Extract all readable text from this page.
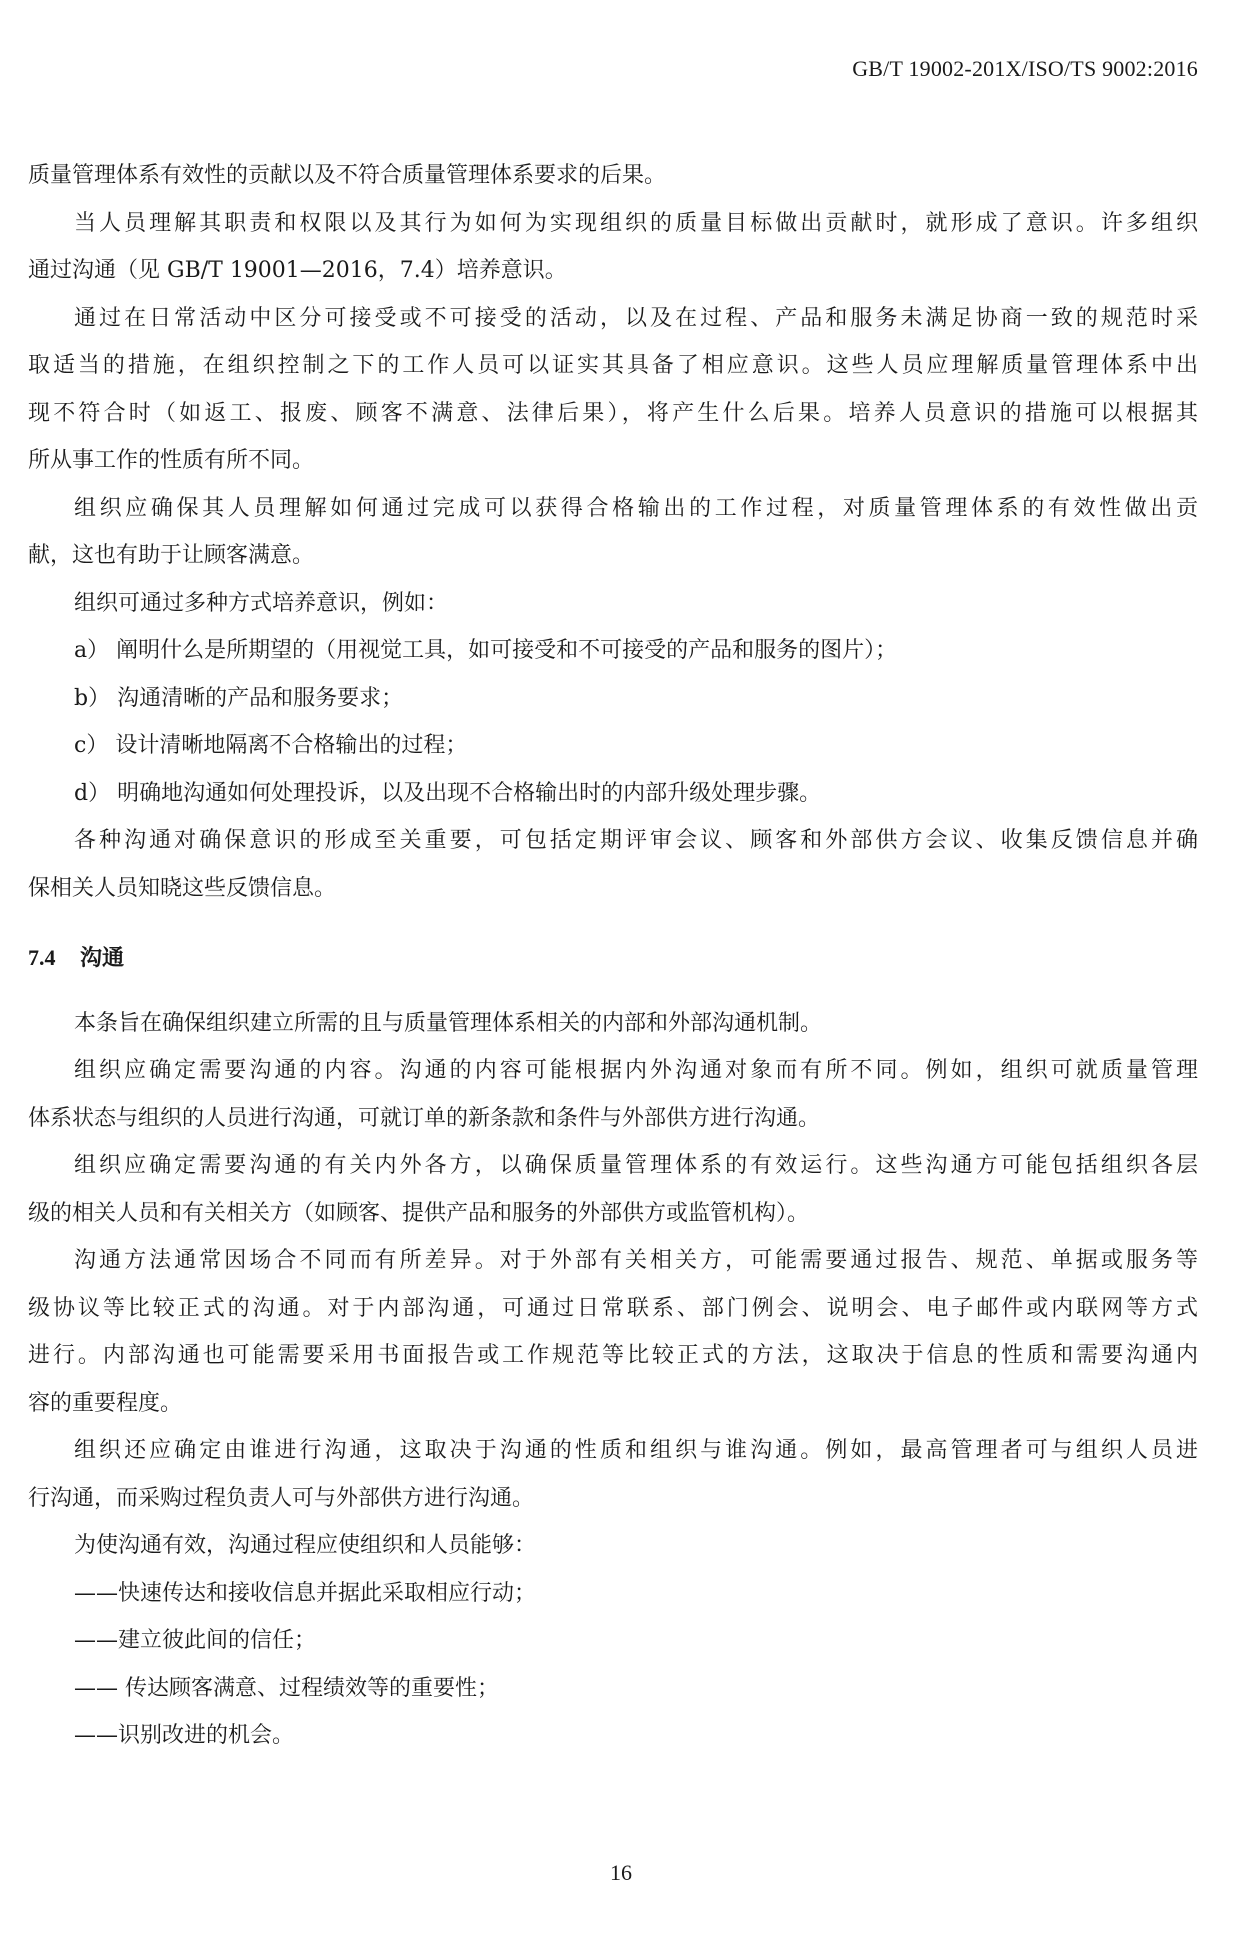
GB/T 19002-201X/ISO/TS 9002:2016
质量管理体系有效性的贡献以及不符合质量管理体系要求的后果。
当人员理解其职责和权限以及其行为如何为实现组织的质量目标做出贡献时，就形成了意识。许多组织
通过沟通（见 GB/T 19001—2016，7.4）培养意识。
通过在日常活动中区分可接受或不可接受的活动，以及在过程、产品和服务未满足协商一致的规范时采
取适当的措施，在组织控制之下的工作人员可以证实其具备了相应意识。这些人员应理解质量管理体系中出
现不符合时（如返工、报废、顾客不满意、法律后果），将产生什么后果。培养人员意识的措施可以根据其
所从事工作的性质有所不同。
组织应确保其人员理解如何通过完成可以获得合格输出的工作过程，对质量管理体系的有效性做出贡
献，这也有助于让顾客满意。
组织可通过多种方式培养意识，例如：
a） 阐明什么是所期望的（用视觉工具，如可接受和不可接受的产品和服务的图片）；
b） 沟通清晰的产品和服务要求；
c） 设计清晰地隔离不合格输出的过程；
d） 明确地沟通如何处理投诉，以及出现不合格输出时的内部升级处理步骤。
各种沟通对确保意识的形成至关重要，可包括定期评审会议、顾客和外部供方会议、收集反馈信息并确
保相关人员知晓这些反馈信息。
7.4 沟通
本条旨在确保组织建立所需的且与质量管理体系相关的内部和外部沟通机制。
组织应确定需要沟通的内容。沟通的内容可能根据内外沟通对象而有所不同。例如，组织可就质量管理
体系状态与组织的人员进行沟通，可就订单的新条款和条件与外部供方进行沟通。
组织应确定需要沟通的有关内外各方，以确保质量管理体系的有效运行。这些沟通方可能包括组织各层
级的相关人员和有关相关方（如顾客、提供产品和服务的外部供方或监管机构）。
沟通方法通常因场合不同而有所差异。对于外部有关相关方，可能需要通过报告、规范、单据或服务等
级协议等比较正式的沟通。对于内部沟通，可通过日常联系、部门例会、说明会、电子邮件或内联网等方式
进行。内部沟通也可能需要采用书面报告或工作规范等比较正式的方法，这取决于信息的性质和需要沟通内
容的重要程度。
组织还应确定由谁进行沟通，这取决于沟通的性质和组织与谁沟通。例如，最高管理者可与组织人员进
行沟通，而采购过程负责人可与外部供方进行沟通。
为使沟通有效，沟通过程应使组织和人员能够：
——快速传达和接收信息并据此采取相应行动；
——建立彼此间的信任；
—— 传达顾客满意、过程绩效等的重要性；
——识别改进的机会。
16
